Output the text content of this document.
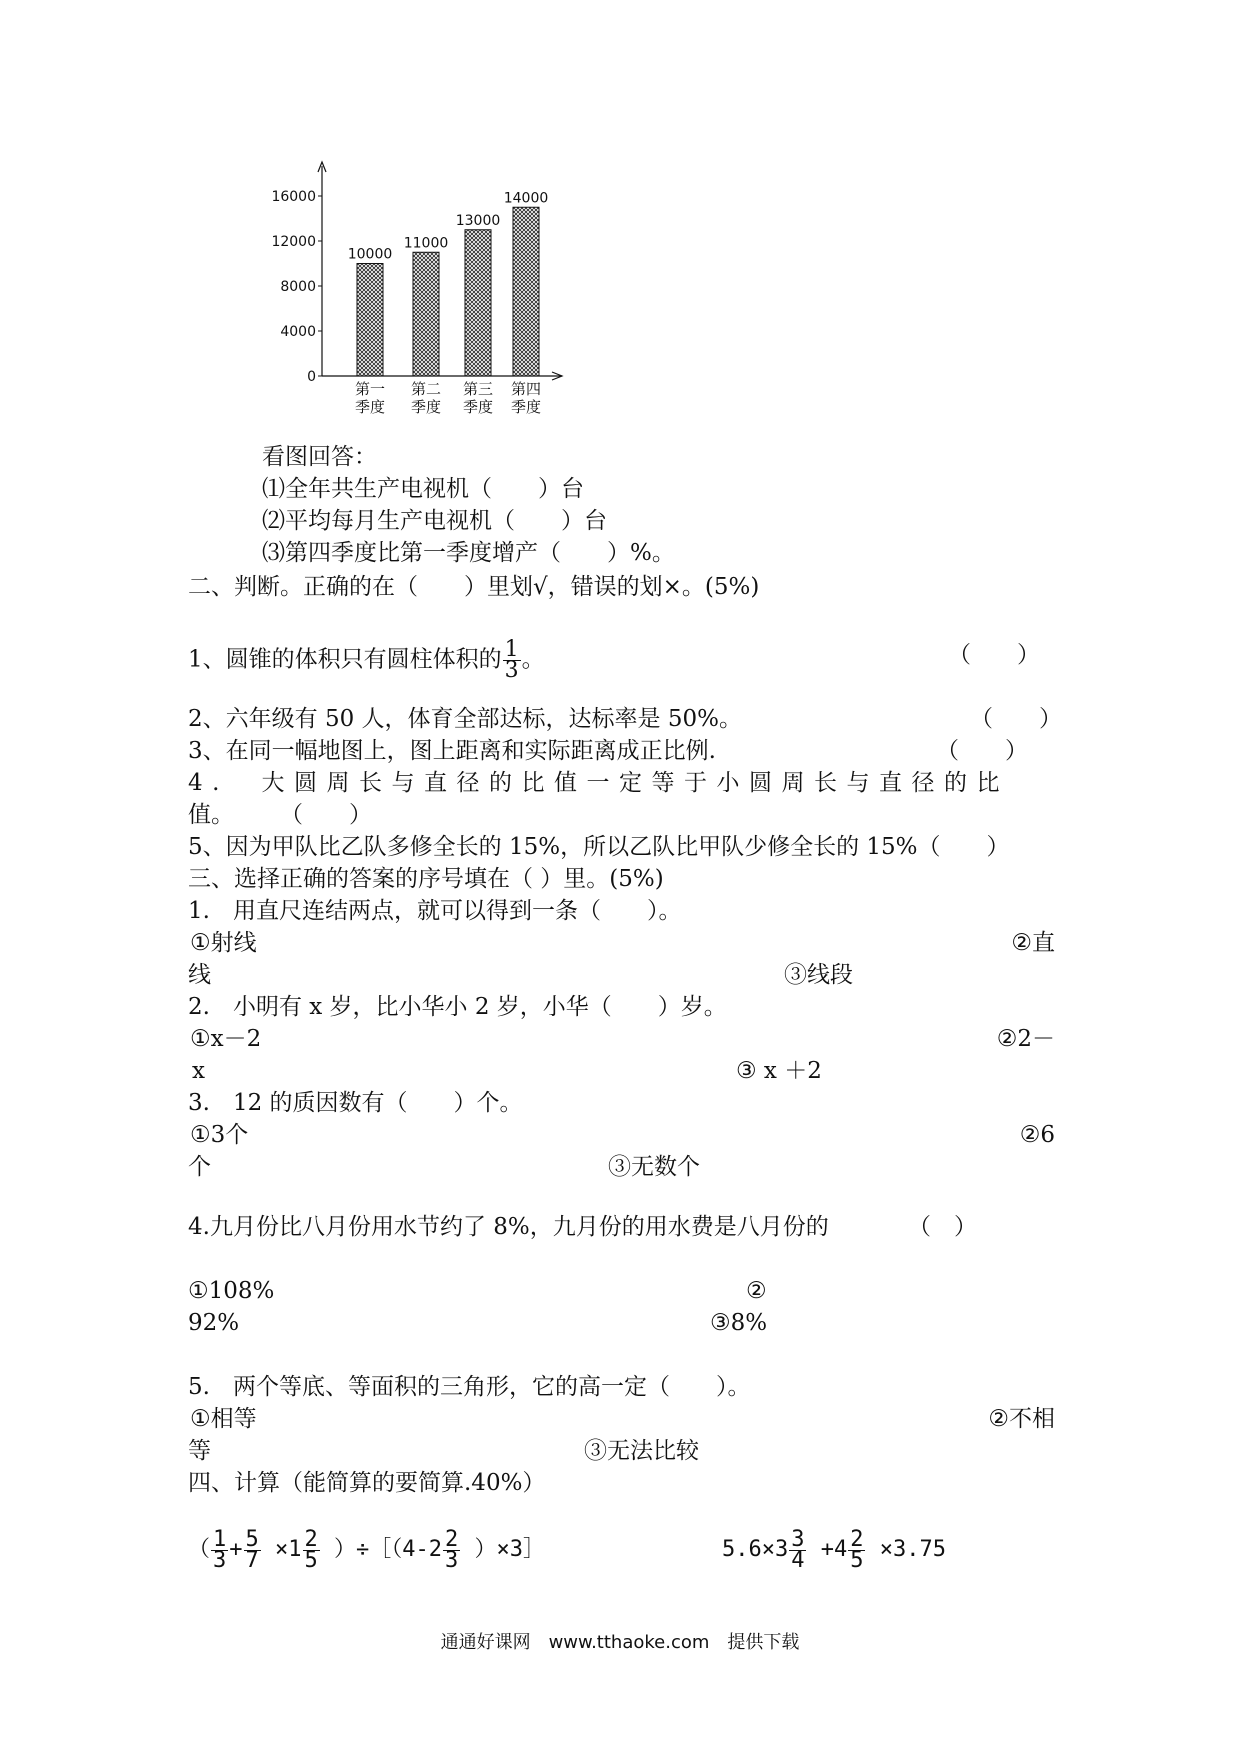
0
4000
8000
12000
16000
10000
第一
季度
11000
第二
季度
13000
第三
季度
14000
第四
季度
看图回答：
⑴全年共生产电视机（　　）台
⑵平均每月生产电视机（　　）台
⑶第四季度比第一季度增产（　　）%。
二、判断。正确的在（　　）里划√，错误的划×。(5%)
1、圆锥的体积只有圆柱体积的 $\frac{1}{3}$ 。	（　　）
2、六年级有 50 人，体育全部达标，达标率是 50%。	（　　）
3、在同一幅地图上，图上距离和实际距离成正比例.	（　　）
4.　大圆周长与直径的比值一定等于小圆周长与直径的比
值。　　　（　　）
5、因为甲队比乙队多修全长的 15%，所以乙队比甲队少修全长的 15%（　　）
三、选择正确的答案的序号填在（ ）里。(5%)
1.　用直尺连结两点，就可以得到一条（　　）。
① 射 线	② 直
线	③线段
2.　小明有 x 岁，比小华小 2 岁，小华（　　）岁。
① x － 2	② 2 －
x	③ x ＋2
3.　12 的质因数有（　　）个。
① 3 个	② 6
个	③无数个
4.九月份比八月份用水节约了 8%，九月份的用水费是八月份的	（　）
①108%	②
92%	③8%
5.　两个等底、等面积的三角形，它的高一定（　　）。
① 相 等	② 不 相
等	③无法比较
四、计算（能简算的要简算.40%）
（ $\frac{1}{3} + \frac{5}{7} \times 1 \frac{2}{5}$ ）÷［（4-2 $\frac{2}{3}$ ）×3］	$5.6\times 3 \frac{3}{4} +4 \frac{2}{5} \times 3.75$
通通好课网　www.tthaoke.com　提供下载
